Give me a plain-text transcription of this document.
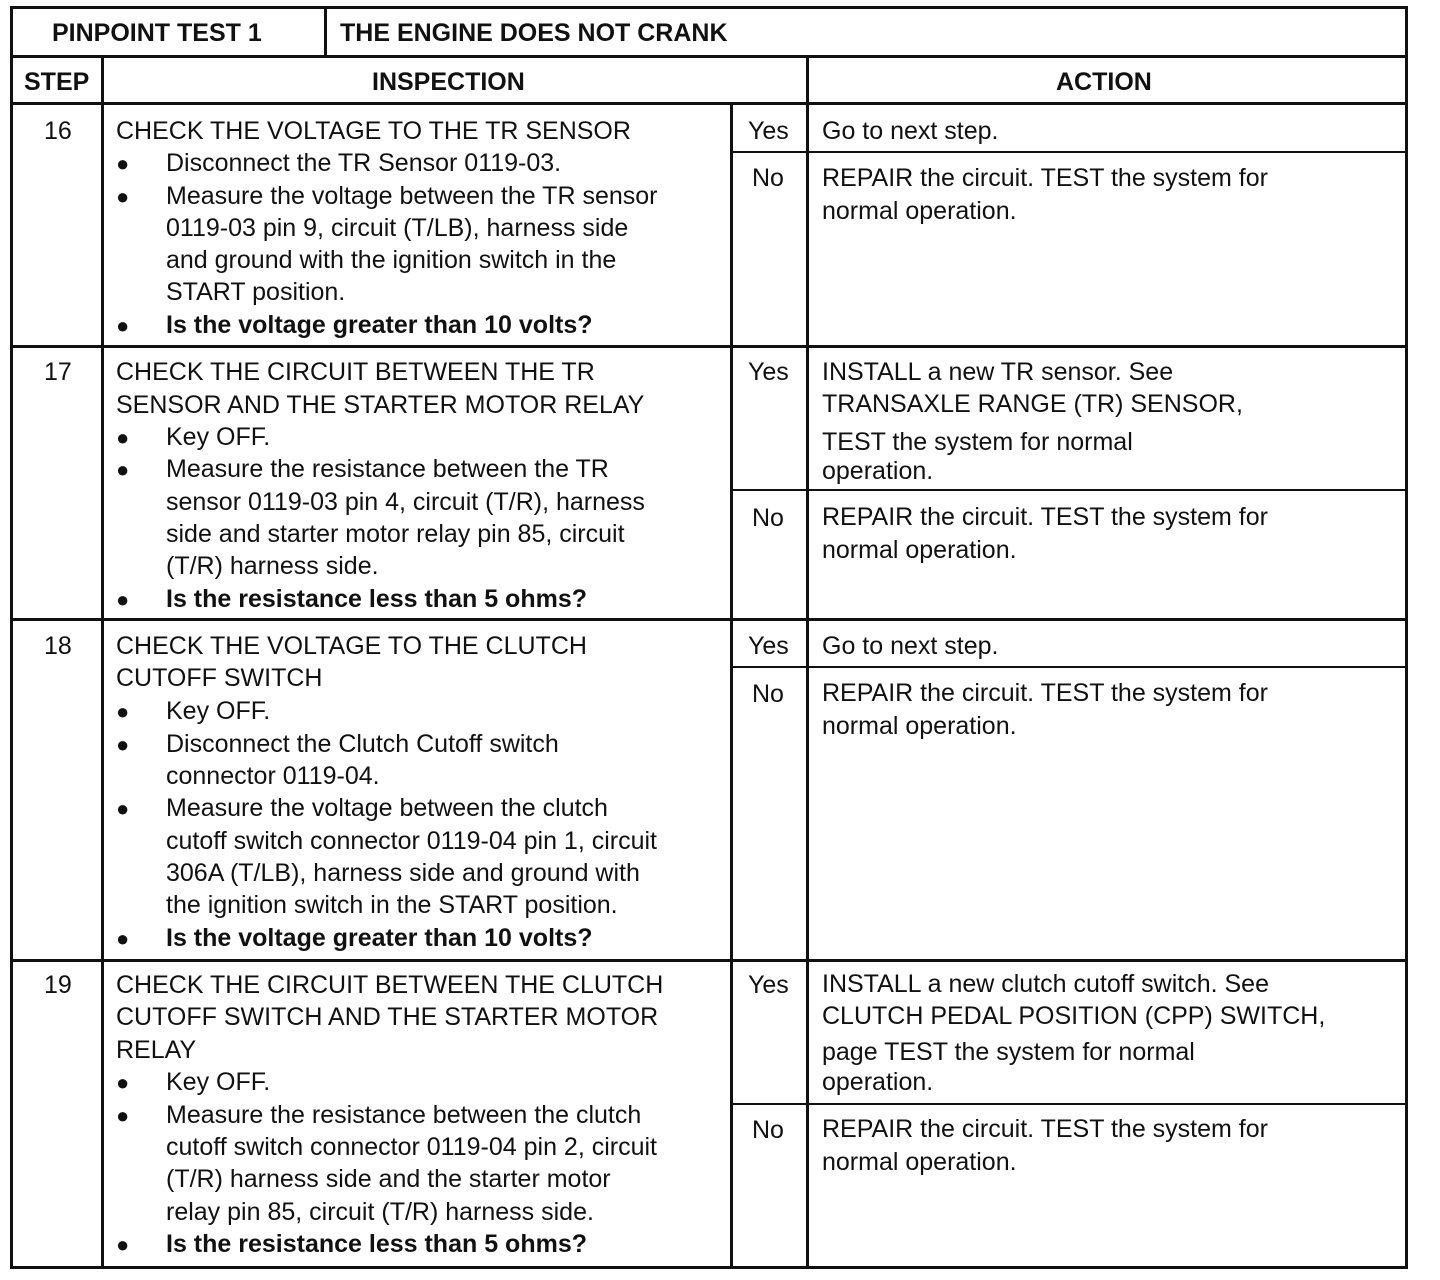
PINPOINT TEST 1	THE ENGINE DOES NOT CRANK
STEP	INSPECTION	ACTION
16 CHECK THE VOLTAGE TO THE TR SENSOR
● Disconnect the TR Sensor 0119-03.
● Measure the voltage between the TR sensor
0119-03 pin 9, circuit (T/LB), harness side
and ground with the ignition switch in the
START position.
● Is the voltage greater than 10 volts?
Yes Go to next step.
No REPAIR the circuit. TEST the system for
normal operation.
17 CHECK THE CIRCUIT BETWEEN THE TR
SENSOR AND THE STARTER MOTOR RELAY
● Key OFF.
● Measure the resistance between the TR
sensor 0119-03 pin 4, circuit (T/R), harness
side and starter motor relay pin 85, circuit
(T/R) harness side.
● Is the resistance less than 5 ohms?
Yes INSTALL a new TR sensor. See
TRANSAXLE RANGE (TR) SENSOR,
TEST the system for normal
operation.
No REPAIR the circuit. TEST the system for
normal operation.
18 CHECK THE VOLTAGE TO THE CLUTCH
CUTOFF SWITCH
● Key OFF.
● Disconnect the Clutch Cutoff switch
connector 0119-04.
● Measure the voltage between the clutch
cutoff switch connector 0119-04 pin 1, circuit
306A (T/LB), harness side and ground with
the ignition switch in the START position.
● Is the voltage greater than 10 volts?
Yes Go to next step.
No REPAIR the circuit. TEST the system for
normal operation.
19 CHECK THE CIRCUIT BETWEEN THE CLUTCH
CUTOFF SWITCH AND THE STARTER MOTOR
RELAY
● Key OFF.
● Measure the resistance between the clutch
cutoff switch connector 0119-04 pin 2, circuit
(T/R) harness side and the starter motor
relay pin 85, circuit (T/R) harness side.
● Is the resistance less than 5 ohms?
Yes INSTALL a new clutch cutoff switch. See
CLUTCH PEDAL POSITION (CPP) SWITCH,
page TEST the system for normal
operation.
No REPAIR the circuit. TEST the system for
normal operation.
